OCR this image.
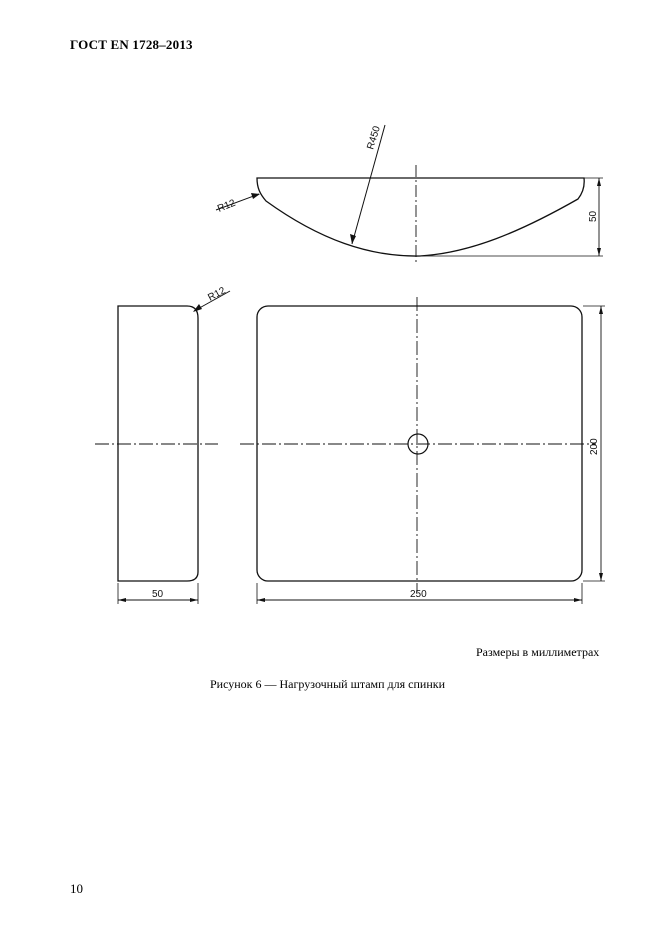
ГОСТ EN 1728–2013
R450
R12
50
R12
50
200
250
Размеры в миллиметрах
Рисунок 6 — Нагрузочный штамп для спинки
10
